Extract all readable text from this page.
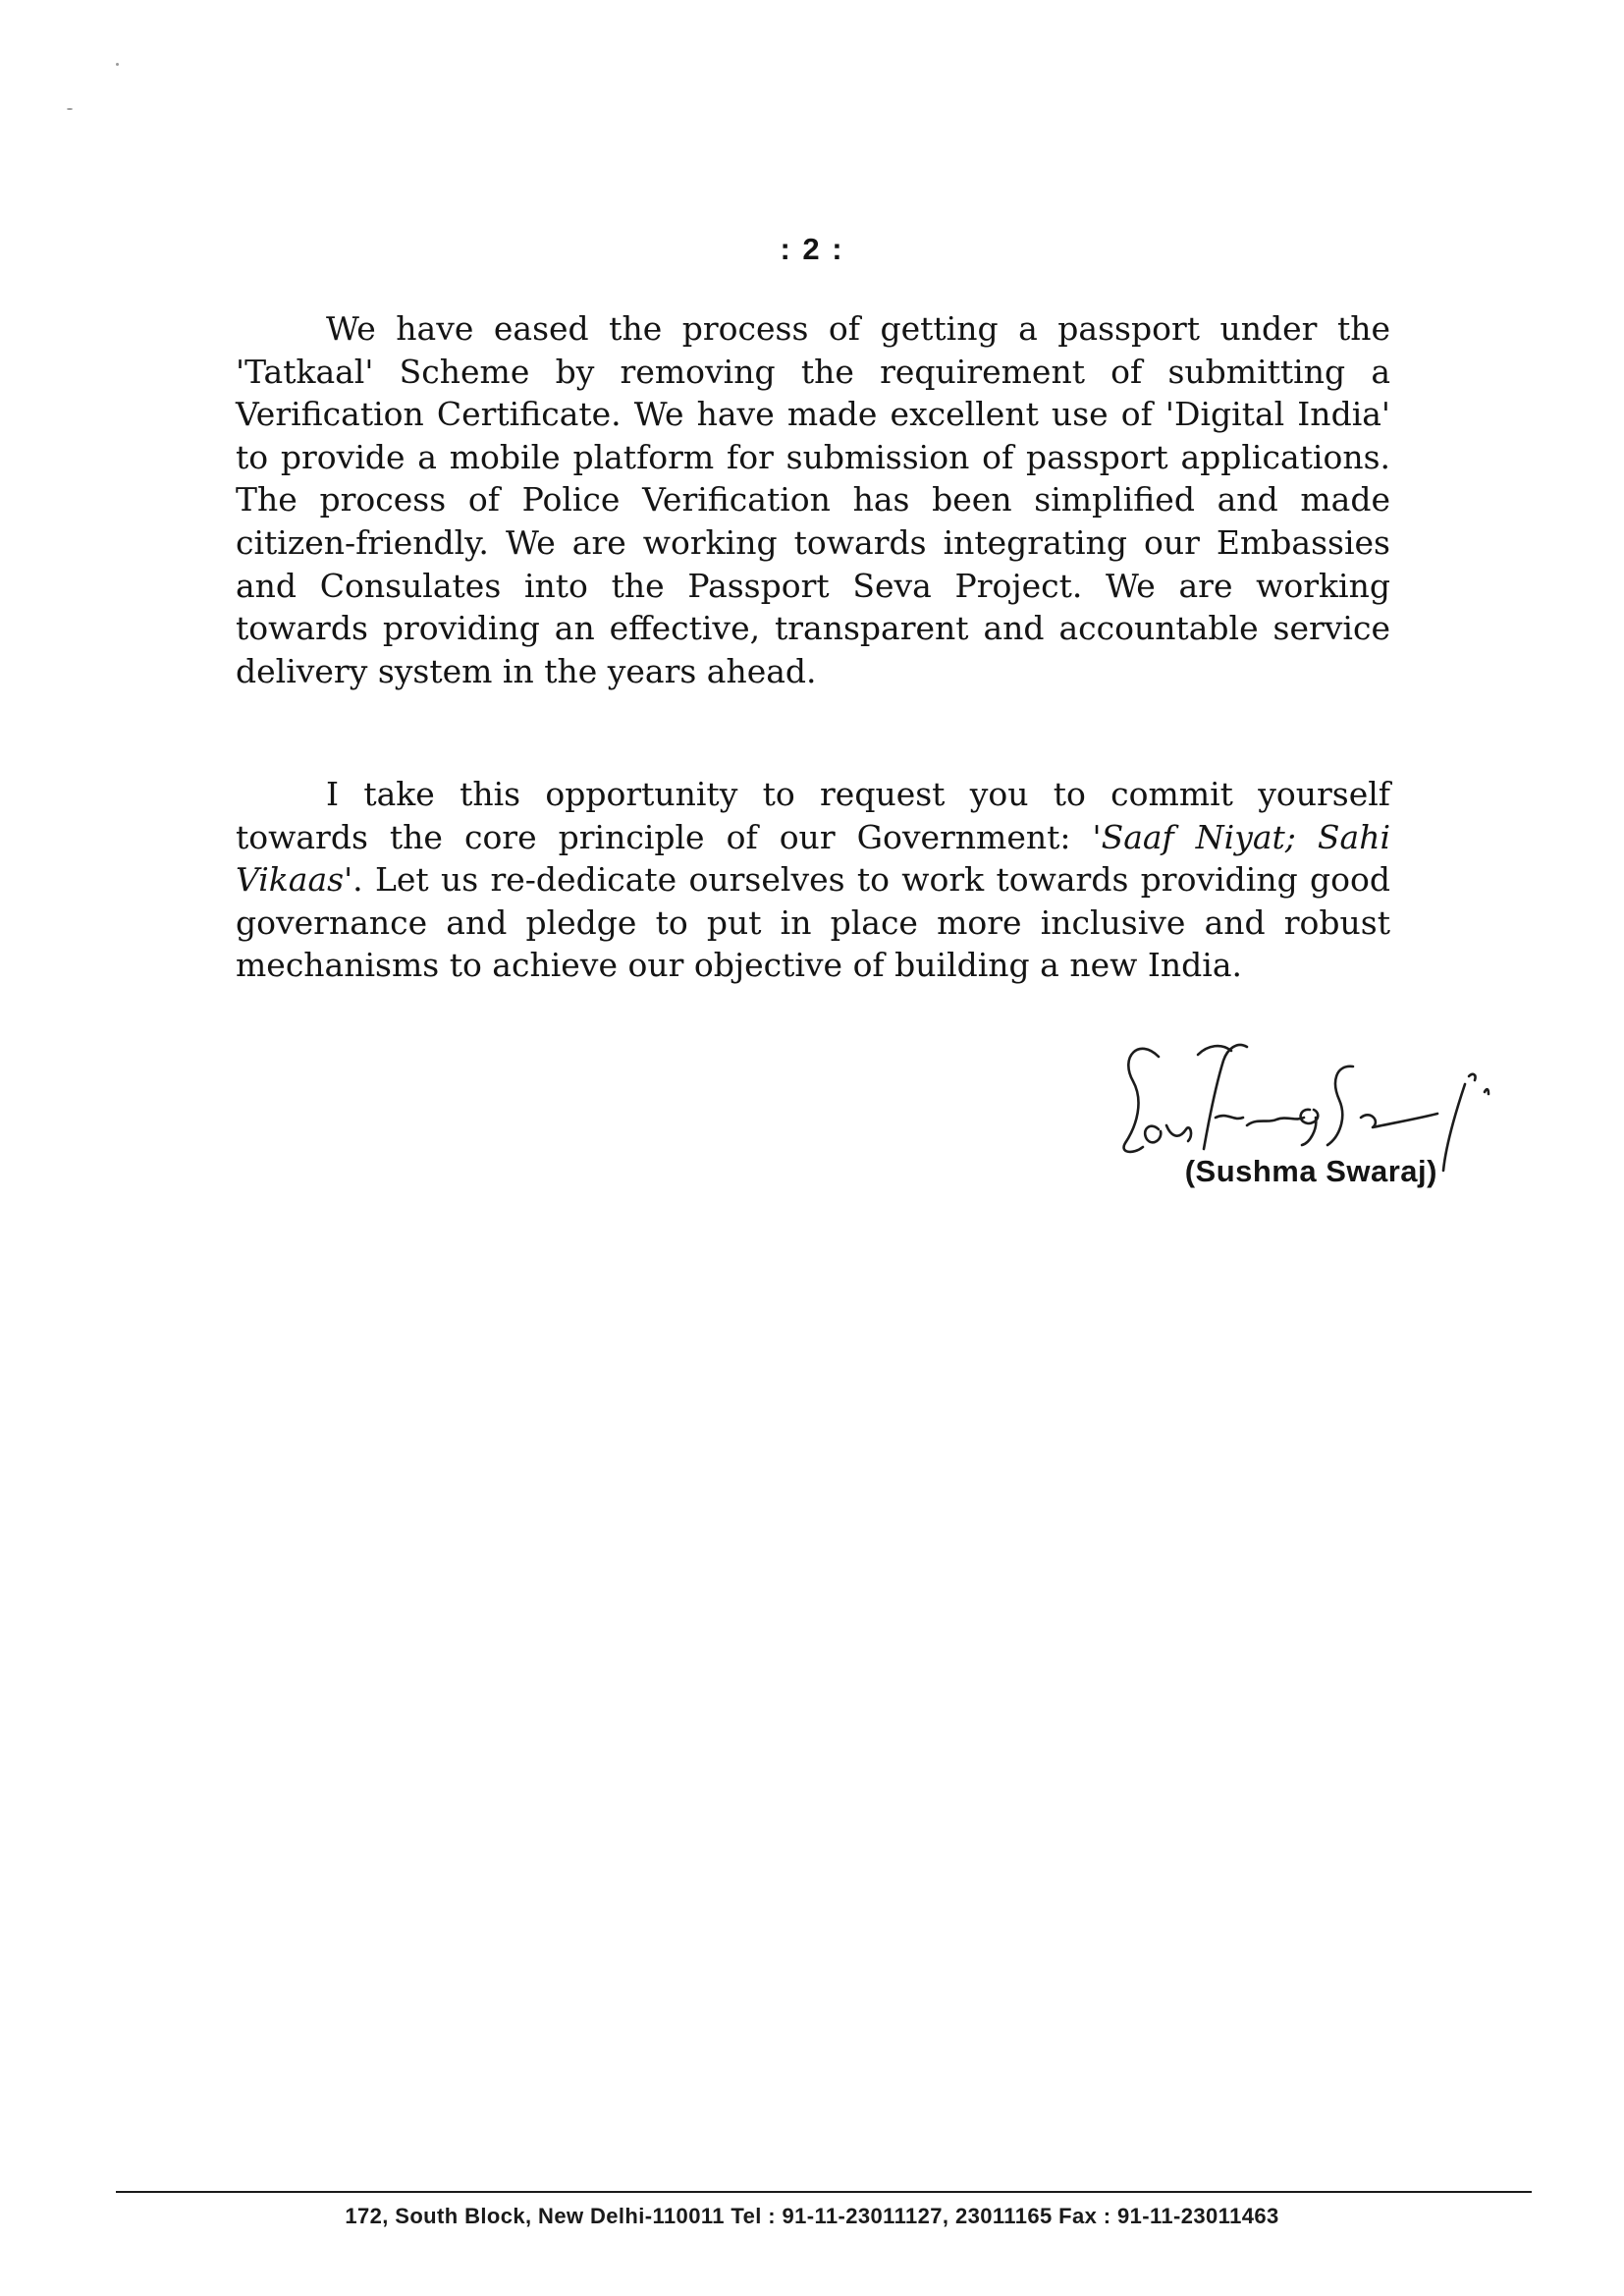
: 2 :

We have eased the process of getting a passport under the 'Tatkaal' Scheme by removing the requirement of submitting a Verification Certificate. We have made excellent use of 'Digital India' to provide a mobile platform for submission of passport applications. The process of Police Verification has been simplified and made citizen-friendly. We are working towards integrating our Embassies and Consulates into the Passport Seva Project. We are working towards providing an effective, transparent and accountable service delivery system in the years ahead.

I take this opportunity to request you to commit yourself towards the core principle of our Government: 'Saaf Niyat; Sahi Vikaas'. Let us re-dedicate ourselves to work towards providing good governance and pledge to put in place more inclusive and robust mechanisms to achieve our objective of building a new India.

Sushma Swaraj
(Sushma Swaraj)
172, South Block, New Delhi-110011 Tel : 91-11-23011127, 23011165 Fax : 91-11-23011463
